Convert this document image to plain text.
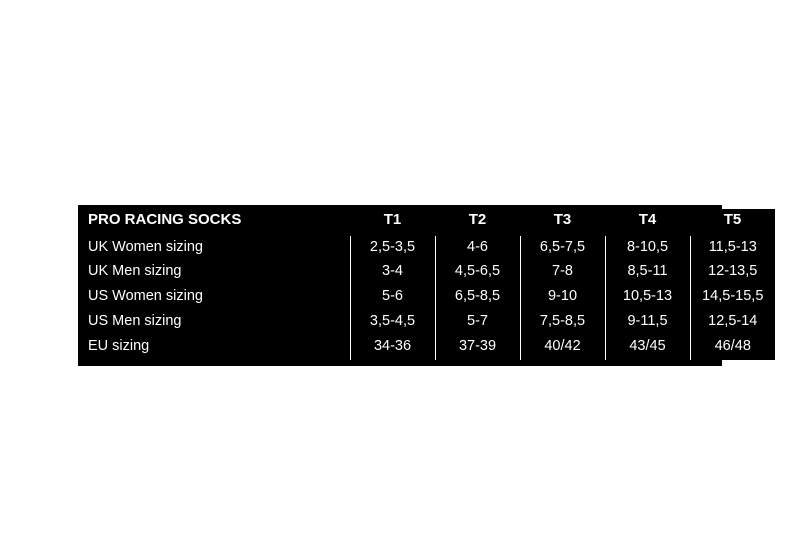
PRO RACING SOCKS	T1	T2	T3	T4	T5
UK Women sizing	2,5-3,5	4-6	6,5-7,5	8-10,5	11,5-13
UK Men sizing	3-4	4,5-6,5	7-8	8,5-11	12-13,5
US Women sizing	5-6	6,5-8,5	9-10	10,5-13	14,5-15,5
US Men sizing	3,5-4,5	5-7	7,5-8,5	9-11,5	12,5-14
EU sizing	34-36	37-39	40/42	43/45	46/48
